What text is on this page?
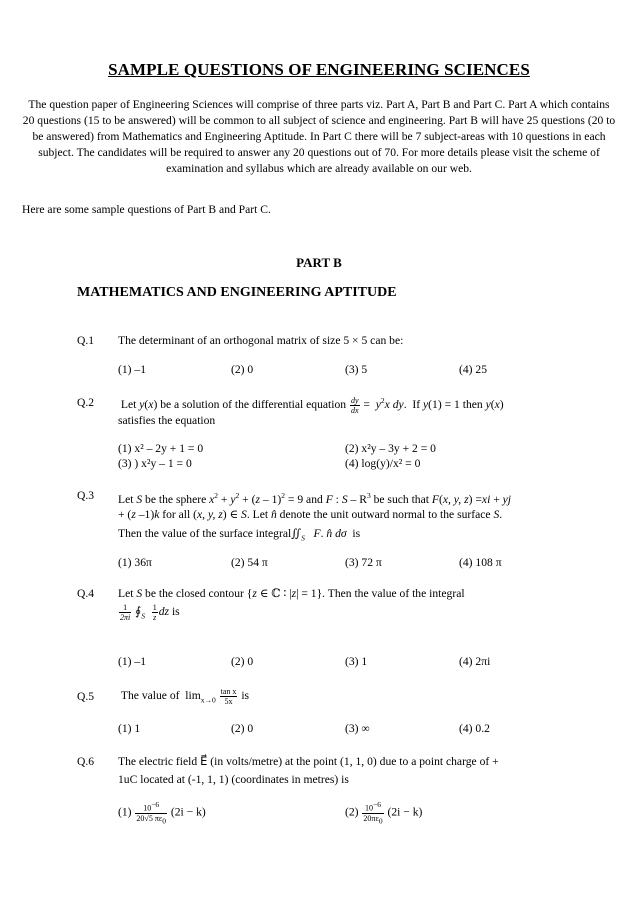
SAMPLE QUESTIONS OF ENGINEERING SCIENCES
The question paper of Engineering Sciences will comprise of three parts viz. Part A, Part B and Part C. Part A which contains 20 questions (15 to be answered) will be common to all subject of science and engineering. Part B will have 25 questions (20 to be answered) from Mathematics and Engineering Aptitude. In Part C there will be 7 subject-areas with 10 questions in each subject. The candidates will be required to answer any 20 questions out of 70. For more details please visit the scheme of examination and syllabus which are already available on our web.
Here are some sample questions of Part B and Part C.
PART B
MATHEMATICS AND ENGINEERING APTITUDE
Q.1 The determinant of an orthogonal matrix of size 5 × 5 can be:
(1) –1	(2) 0	(3) 5	(4) 25
Q.2 Let y(x) be a solution of the differential equation $\frac{dy}{dx} = y^2x$ dy.  If y(1) = 1 then y(x)
satisfies the equation
(1) x² – 2y + 1 = 0	(2) x²y – 3y + 2 = 0
(3) ) x²y – 1 = 0	(4) log(y)/x² = 0
Q.3 Let S be the sphere $x^2 + y^2 + (z - 1)^2 = 9$ and F : S – $R^3$ be such that F(x, y, z) =xi + yj
+ (z –1)k for all (x, y, z) ∈ S. Let n̂ denote the unit outward normal to the surface S.
Then the value of the surface $integral∬_S$ F. n̂ dσ  is
(1) 36π	(2) 54 π	(3) 72 π	(4) 108 π
Q.4 Let S be the closed contour {z ∈ ℂ ∶ |z| = 1}. Then the value of the integral
$\frac{1}{2\pi i}$ $∮_S \frac{1}{z}$ dz is
(1) –1	(2) 0	(3) 1	(4) 2πi
Q.5 The value of  $\lim_{x\to 0} \frac{\text{tan x}}{5x}$ is
(1) 1	(2) 0	(3) ∞	(4) 0.2
Q.6 The electric field E⃗ (in volts/metre) at the point (1, 1, 0) due to a point charge of +
1uC located at (-1, 1, 1) (coordinates in metres) is
$(1) \frac{10^{-6}}{20√5 \pi\varepsilon_0} (2i - k)$	$(2) \frac{10^{-6}}{20\pi\varepsilon_0} (2i - k)$
